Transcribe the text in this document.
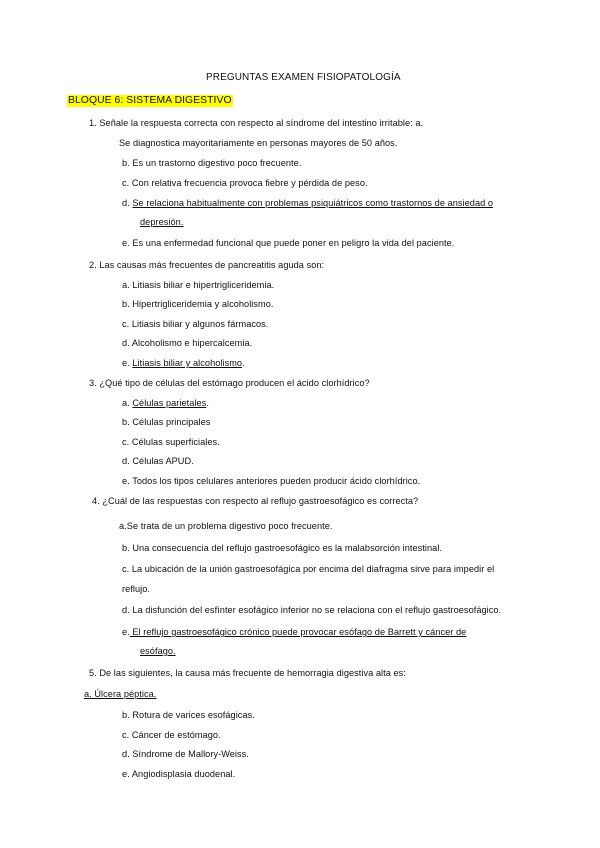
PREGUNTAS EXAMEN FISIOPATOLOGÍA
BLOQUE 6: SISTEMA DIGESTIVO
1. Señale la respuesta correcta con respecto al síndrome del intestino irritable: a.
Se diagnostica mayoritariamente en personas mayores de 50 años.
b. Es un trastorno digestivo poco frecuente.
c. Con relativa frecuencia provoca fiebre y pérdida de peso.
d. Se relaciona habitualmente con problemas psiquiátricos como trastornos de ansiedad o
depresión.
e. Es una enfermedad funcional que puede poner en peligro la vida del paciente.
2. Las causas más frecuentes de pancreatitis aguda son:
a. Litiasis biliar e hipertrigliceridemia.
b. Hipertrigliceridemia y alcoholismo.
c. Litiasis biliar y algunos fármacos.
d. Alcoholismo e hipercalcemia.
e. Litiasis biliar y alcoholismo.
3. ¿Qué tipo de células del estómago producen el ácido clorhídrico?
a. Células parietales.
b. Células principales
c. Células superficiales.
d. Células APUD.
e. Todos los tipos celulares anteriores pueden producir ácido clorhídrico.
4. ¿Cuál de las respuestas con respecto al reflujo gastroesofágico es correcta?
a.Se trata de un problema digestivo poco frecuente.
b. Una consecuencia del reflujo gastroesofágico es la malabsorción intestinal.
c. La ubicación de la unión gastroesofágica por encima del diafragma sirve para impedir el
reflujo.
d. La disfunción del esfínter esofágico inferior no se relaciona con el reflujo gastroesofágico.
e. El reflujo gastroesofágico crónico puede provocar esófago de Barrett y cáncer de
esófago.
5. De las siguientes, la causa más frecuente de hemorragia digestiva alta es:
a. Úlcera péptica.
b. Rotura de varices esofágicas.
c. Cáncer de estómago.
d. Síndrome de Mallory-Weiss.
e. Angiodisplasia duodenal.
